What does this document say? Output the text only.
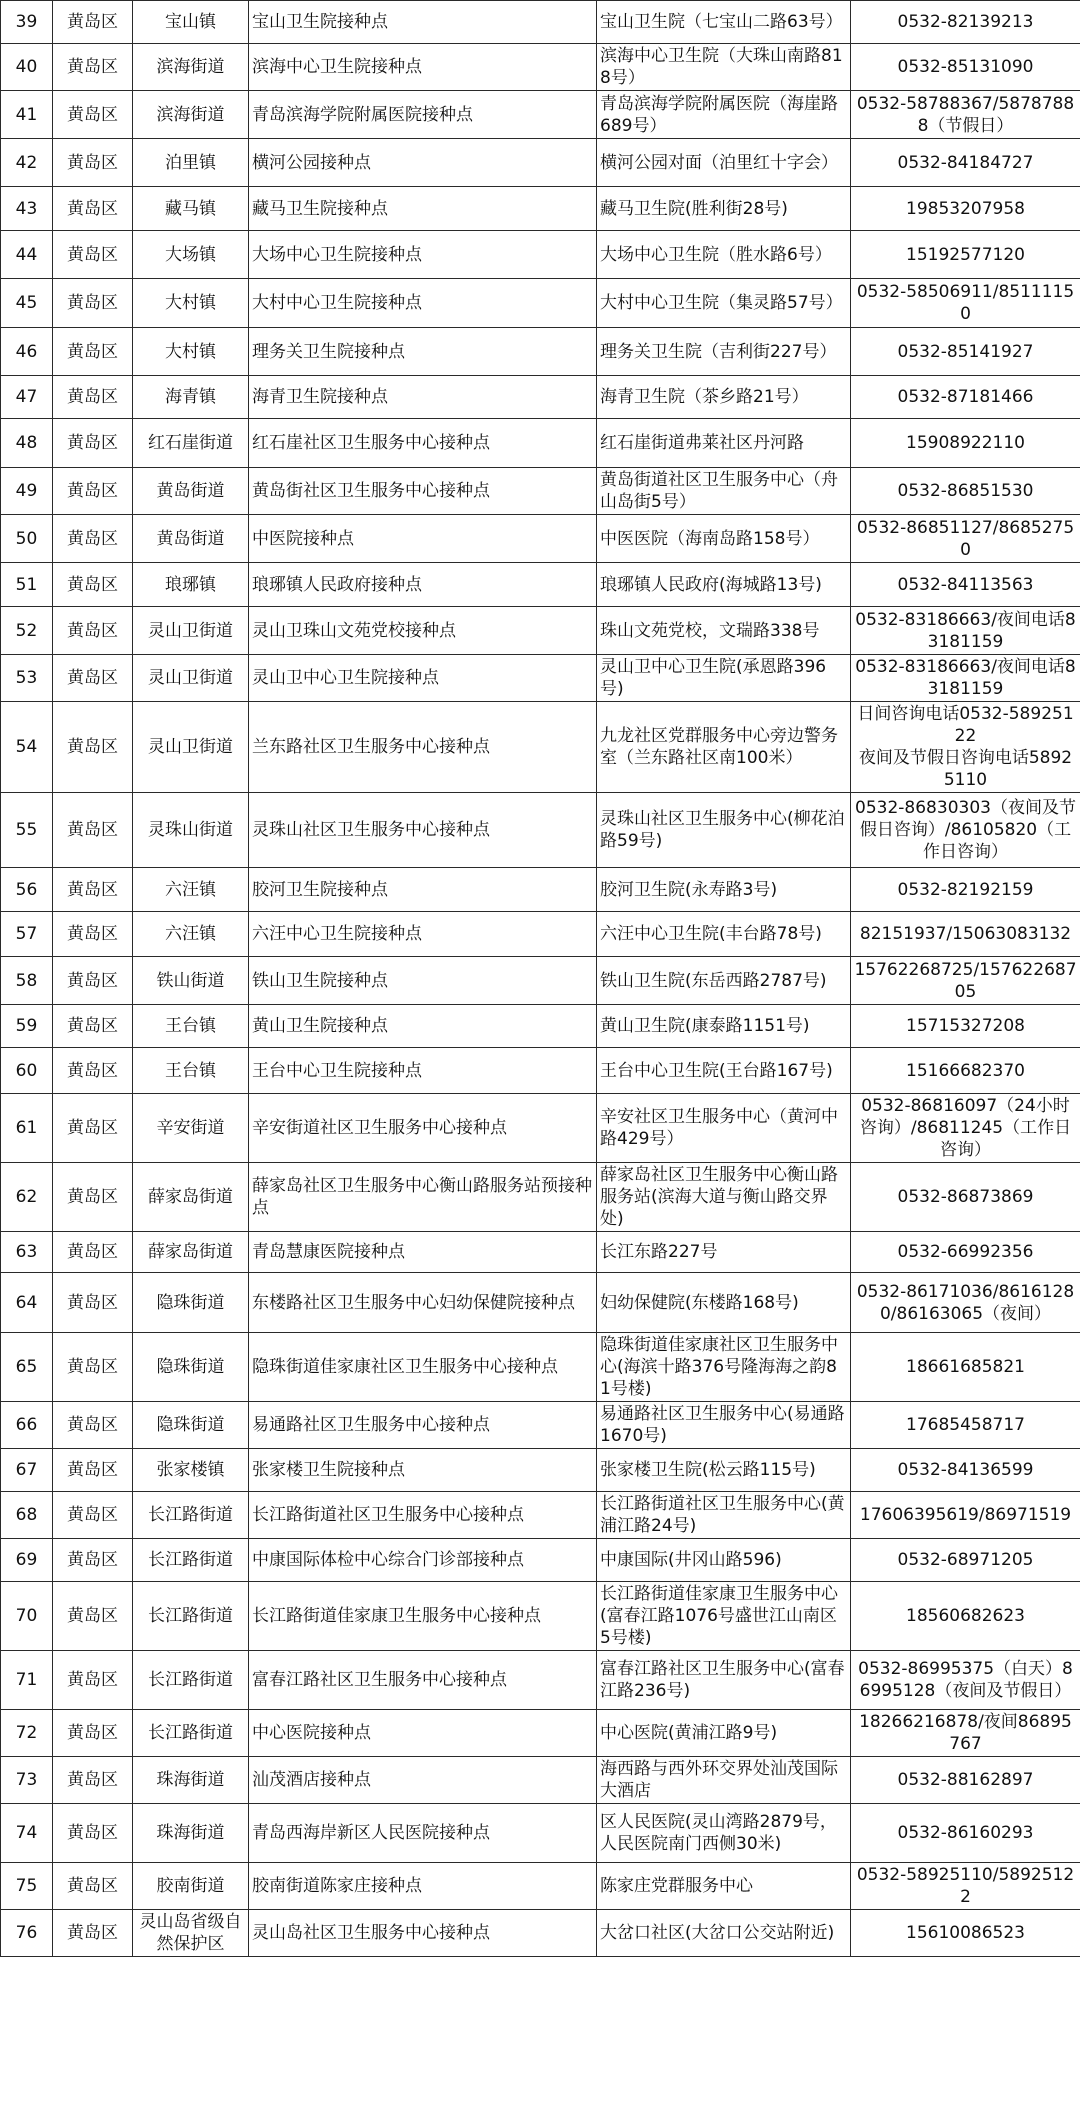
39	黄岛区	宝山镇	宝山卫生院接种点	宝山卫生院（七宝山二路63号）	0532-82139213
40	黄岛区	滨海街道	滨海中心卫生院接种点	滨海中心卫生院（大珠山南路818号）	0532-85131090
41	黄岛区	滨海街道	青岛滨海学院附属医院接种点	青岛滨海学院附属医院（海崖路689号）	0532-58788367/58787888（节假日）
42	黄岛区	泊里镇	横河公园接种点	横河公园对面（泊里红十字会）	0532-84184727
43	黄岛区	藏马镇	藏马卫生院接种点	藏马卫生院(胜利街28号)	19853207958
44	黄岛区	大场镇	大场中心卫生院接种点	大场中心卫生院（胜水路6号）	15192577120
45	黄岛区	大村镇	大村中心卫生院接种点	大村中心卫生院（集灵路57号）	0532-58506911/85111150
46	黄岛区	大村镇	理务关卫生院接种点	理务关卫生院（吉利街227号）	0532-85141927
47	黄岛区	海青镇	海青卫生院接种点	海青卫生院（茶乡路21号）	0532-87181466
48	黄岛区	红石崖街道	红石崖社区卫生服务中心接种点	红石崖街道弗莱社区丹河路	15908922110
49	黄岛区	黄岛街道	黄岛街社区卫生服务中心接种点	黄岛街道社区卫生服务中心（舟山岛街5号）	0532-86851530
50	黄岛区	黄岛街道	中医院接种点	中医医院（海南岛路158号）	0532-86851127/86852750
51	黄岛区	琅琊镇	琅琊镇人民政府接种点	琅琊镇人民政府(海城路13号)	0532-84113563
52	黄岛区	灵山卫街道	灵山卫珠山文苑党校接种点	珠山文苑党校，文瑞路338号	0532-83186663/夜间电话83181159
53	黄岛区	灵山卫街道	灵山卫中心卫生院接种点	灵山卫中心卫生院(承恩路396号)	0532-83186663/夜间电话83181159
54	黄岛区	灵山卫街道	兰东路社区卫生服务中心接种点	九龙社区党群服务中心旁边警务室（兰东路社区南100米）	日间咨询电话0532-58925122
夜间及节假日咨询电话58925110
55	黄岛区	灵珠山街道	灵珠山社区卫生服务中心接种点	灵珠山社区卫生服务中心(柳花泊路59号)	0532-86830303（夜间及节假日咨询）/86105820（工作日咨询）
56	黄岛区	六汪镇	胶河卫生院接种点	胶河卫生院(永寿路3号)	0532-82192159
57	黄岛区	六汪镇	六汪中心卫生院接种点	六汪中心卫生院(丰台路78号)	82151937/15063083132
58	黄岛区	铁山街道	铁山卫生院接种点	铁山卫生院(东岳西路2787号)	15762268725/15762268705
59	黄岛区	王台镇	黄山卫生院接种点	黄山卫生院(康泰路1151号)	15715327208
60	黄岛区	王台镇	王台中心卫生院接种点	王台中心卫生院(王台路167号)	15166682370
61	黄岛区	辛安街道	辛安街道社区卫生服务中心接种点	辛安社区卫生服务中心（黄河中路429号）	0532-86816097（24小时咨询）/86811245（工作日咨询）
62	黄岛区	薛家岛街道	薛家岛社区卫生服务中心衡山路服务站预接种点	薛家岛社区卫生服务中心衡山路服务站(滨海大道与衡山路交界处)	0532-86873869
63	黄岛区	薛家岛街道	青岛慧康医院接种点	长江东路227号	0532-66992356
64	黄岛区	隐珠街道	东楼路社区卫生服务中心妇幼保健院接种点	妇幼保健院(东楼路168号)	0532-86171036/86161280/86163065（夜间）
65	黄岛区	隐珠街道	隐珠街道佳家康社区卫生服务中心接种点	隐珠街道佳家康社区卫生服务中心(海滨十路376号隆海海之韵81号楼)	18661685821
66	黄岛区	隐珠街道	易通路社区卫生服务中心接种点	易通路社区卫生服务中心(易通路1670号)	17685458717
67	黄岛区	张家楼镇	张家楼卫生院接种点	张家楼卫生院(松云路115号)	0532-84136599
68	黄岛区	长江路街道	长江路街道社区卫生服务中心接种点	长江路街道社区卫生服务中心(黄浦江路24号)	17606395619/86971519
69	黄岛区	长江路街道	中康国际体检中心综合门诊部接种点	中康国际(井冈山路596)	0532-68971205
70	黄岛区	长江路街道	长江路街道佳家康卫生服务中心接种点	长江路街道佳家康卫生服务中心(富春江路1076号盛世江山南区5号楼)	18560682623
71	黄岛区	长江路街道	富春江路社区卫生服务中心接种点	富春江路社区卫生服务中心(富春江路236号)	0532-86995375（白天）86995128（夜间及节假日）
72	黄岛区	长江路街道	中心医院接种点	中心医院(黄浦江路9号)	18266216878/夜间86895767
73	黄岛区	珠海街道	汕茂酒店接种点	海西路与西外环交界处汕茂国际大酒店	0532-88162897
74	黄岛区	珠海街道	青岛西海岸新区人民医院接种点	区人民医院(灵山湾路2879号，人民医院南门西侧30米)	0532-86160293
75	黄岛区	胶南街道	胶南街道陈家庄接种点	陈家庄党群服务中心	0532-58925110/58925122
76	黄岛区	灵山岛省级自然保护区	灵山岛社区卫生服务中心接种点	大岔口社区(大岔口公交站附近)	15610086523
